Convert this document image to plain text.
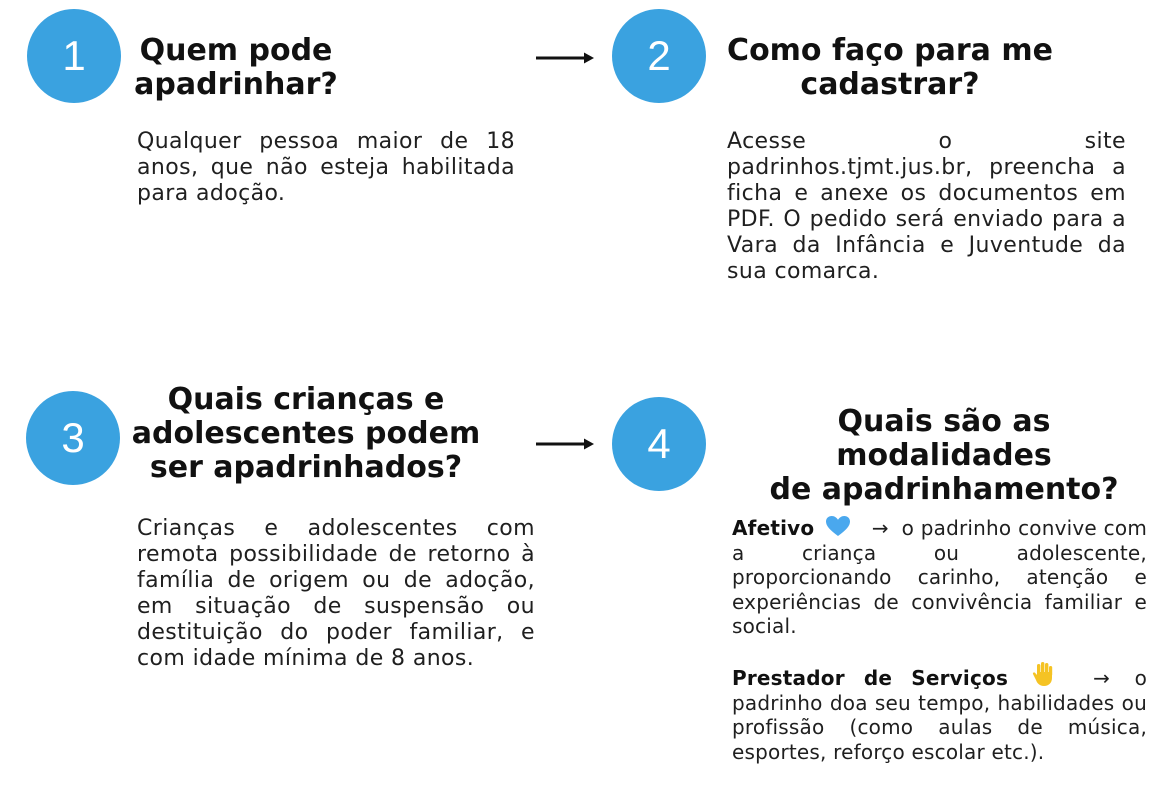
1	Quem pode
apadrinhar?

Qualquer pessoa maior de 18 anos, que não esteja habilitada para adoção.

2	Como faço para me
cadastrar?

Acesse o site padrinhos.tjmt.jus.br, preencha a ficha e anexe os documentos em PDF. O pedido será enviado para a Vara da Infância e Juventude da sua comarca.

3
Quais crianças e
adolescentes podem
ser apadrinhados?

Crianças e adolescentes com remota possibilidade de retorno à família de origem ou de adoção, em situação de suspensão ou destituição do poder familiar, e com idade mínima de 8 anos.

4	Quais são as modalidades
de apadrinhamento?

Afetivo	→ o padrinho convive com a criança ou adolescente, proporcionando carinho, atenção e experiências de convivência familiar e social.

Prestador de Serviços	→ o padrinho doa seu tempo, habilidades ou profissão (como aulas de música, esportes, reforço escolar etc.).
